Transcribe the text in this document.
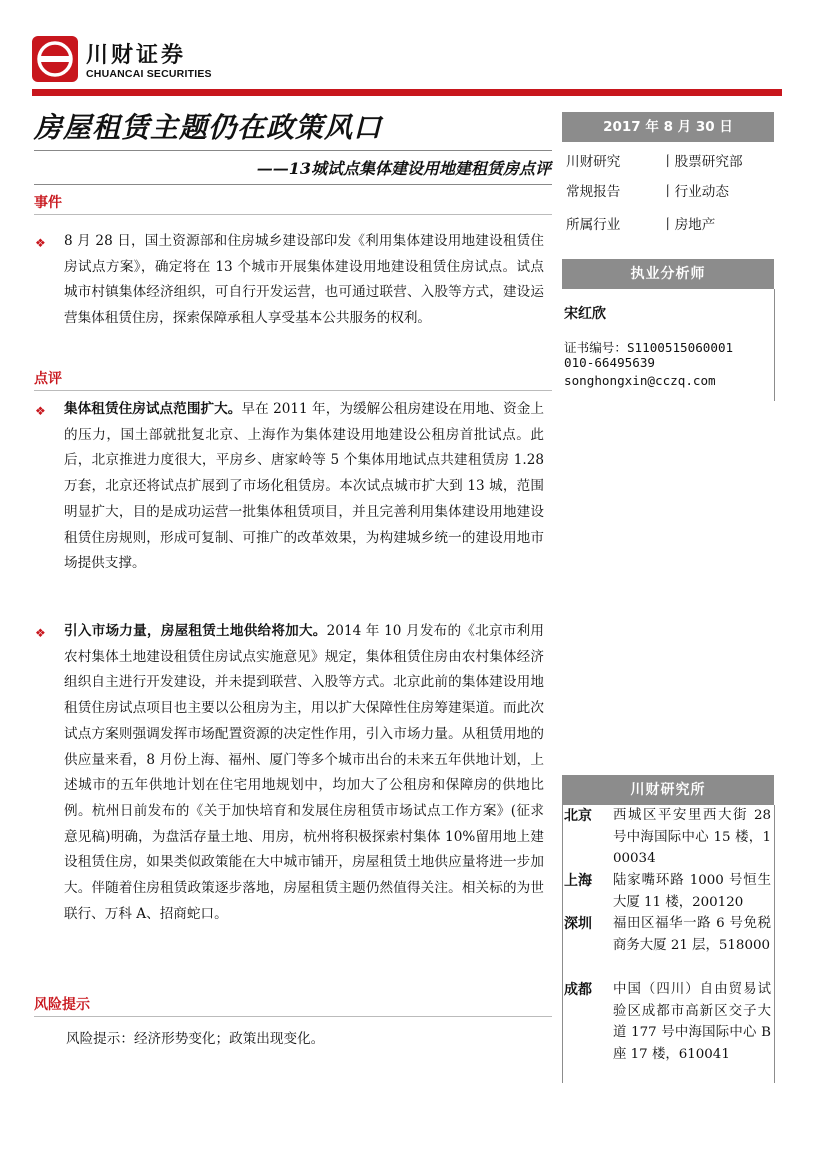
川财证券
CHUANCAI SECURITIES
房屋租赁主题仍在政策风口
——13城试点集体建设用地建租赁房点评
事件
❖ 8 月 28 日，国土资源部和住房城乡建设部印发《利用集体建设用地建设租赁住房试点方案》，确定将在 13 个城市开展集体建设用地建设租赁住房试点。试点城市村镇集体经济组织，可自行开发运营，也可通过联营、入股等方式，建设运营集体租赁住房，探索保障承租人享受基本公共服务的权利。
点评
❖ 集体租赁住房试点范围扩大。早在 2011 年，为缓解公租房建设在用地、资金上的压力，国土部就批复北京、上海作为集体建设用地建设公租房首批试点。此后，北京推进力度很大，平房乡、唐家岭等 5 个集体用地试点共建租赁房 1.28 万套，北京还将试点扩展到了市场化租赁房。本次试点城市扩大到 13 城，范围明显扩大，目的是成功运营一批集体租赁项目，并且完善利用集体建设用地建设租赁住房规则，形成可复制、可推广的改革效果，为构建城乡统一的建设用地市场提供支撑。
❖ 引入市场力量，房屋租赁土地供给将加大。2014 年 10 月发布的《北京市利用农村集体土地建设租赁住房试点实施意见》规定，集体租赁住房由农村集体经济组织自主进行开发建设，并未提到联营、入股等方式。北京此前的集体建设用地租赁住房试点项目也主要以公租房为主，用以扩大保障性住房筹建渠道。而此次试点方案则强调发挥市场配置资源的决定性作用，引入市场力量。从租赁用地的供应量来看，8 月份上海、福州、厦门等多个城市出台的未来五年供地计划，上述城市的五年供地计划在住宅用地规划中，均加大了公租房和保障房的供地比例。杭州日前发布的《关于加快培育和发展住房租赁市场试点工作方案》(征求意见稿)明确，为盘活存量土地、用房，杭州将积极探索村集体 10%留用地上建设租赁住房，如果类似政策能在大中城市铺开，房屋租赁土地供应量将进一步加大。伴随着住房租赁政策逐步落地，房屋租赁主题仍然值得关注。相关标的为世联行、万科 A、招商蛇口。
风险提示
风险提示：经济形势变化；政策出现变化。
2017 年 8 月 30 日
川财研究	丨股票研究部
常规报告	丨行业动态
所属行业	丨房地产
执业分析师
宋红欣
证书编号：S1100515060001
010-66495639
songhongxin@cczq.com
川财研究所
北京 西城区平安里西大街 28 号中海国际中心 15 楼，100034
上海 陆家嘴环路 1000 号恒生大厦 11 楼，200120
深圳 福田区福华一路 6 号免税商务大厦 21 层，518000
成都 中国（四川）自由贸易试验区成都市高新区交子大道 177 号中海国际中心 B 座 17 楼，610041
